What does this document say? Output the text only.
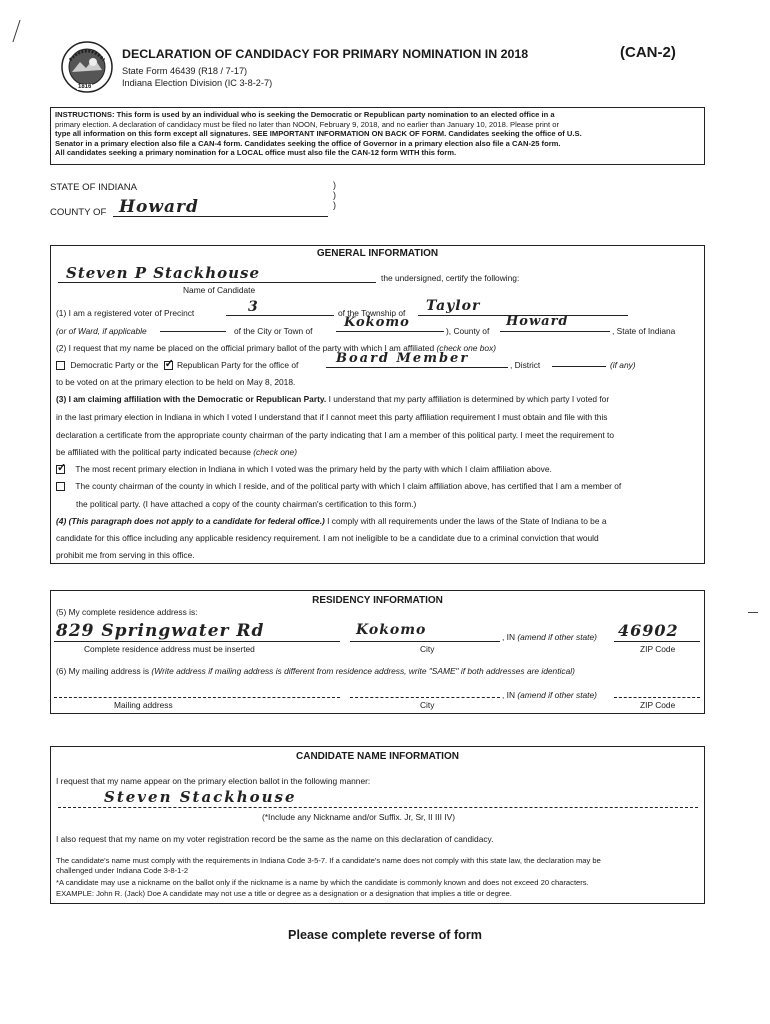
1816
DECLARATION OF CANDIDACY FOR PRIMARY NOMINATION IN 2018	(CAN-2)
State Form 46439 (R18 / 7-17)
Indiana Election Division (IC 3-8-2-7)
INSTRUCTIONS: This form is used by an individual who is seeking the Democratic or Republican party nomination to an elected office in a
primary election. A declaration of candidacy must be filed no later than NOON, February 9, 2018, and no earlier than January 10, 2018. Please print or
type all information on this form except all signatures. SEE IMPORTANT INFORMATION ON BACK OF FORM. Candidates seeking the office of U.S.
Senator in a primary election also file a CAN-4 form. Candidates seeking the office of Governor in a primary election also file a CAN-25 form.
All candidates seeking a primary nomination for a LOCAL office must also file the CAN-12 form WITH this form.
STATE OF INDIANA	)
)
)
COUNTY OF Howard
GENERAL INFORMATION
Steven P Stackhouse	the undersigned, certify the following:
Name of Candidate
(1) I am a registered voter of Precinct	3	of the Township of Taylor
(or of Ward, if applicable	of the City or Town of
Kokomo
), County of
Howard
, State of Indiana
(2) I request that my name be placed on the official primary ballot of the party with which I am affiliated (check one box)
Democratic Party or the ✓ Republican Party for the office of	Board Member	, District	(if any)
to be voted on at the primary election to be held on May 8, 2018.
(3) I am claiming affiliation with the Democratic or Republican Party. I understand that my party affiliation is determined by which party I voted for
in the last primary election in Indiana in which I voted I understand that if I cannot meet this party affiliation requirement I must obtain and file with this
declaration a certificate from the appropriate county chairman of the party indicating that I am a member of this political party. I meet the requirement to
be affiliated with the political party indicated because (check one)
✓ The most recent primary election in Indiana in which I voted was the primary held by the party with which I claim affiliation above.
The county chairman of the county in which I reside, and of the political party with which I claim affiliation above, has certified that I am a member of
the political party. (I have attached a copy of the county chairman's certification to this form.)
(4) (This paragraph does not apply to a candidate for federal office.) I comply with all requirements under the laws of the State of Indiana to be a
candidate for this office including any applicable residency requirement. I am not ineligible to be a candidate due to a criminal conviction that would
prohibit me from serving in this office.
RESIDENCY INFORMATION
(5) My complete residence address is:
829 Springwater Rd	Kokomo	, IN (amend if other state) 46902
Complete residence address must be inserted	City	ZIP Code
(6) My mailing address is (Write address if mailing address is different from residence address, write "SAME" if both addresses are identical)
, IN (amend if other state)
Mailing address	City	ZIP Code
CANDIDATE NAME INFORMATION
I request that my name appear on the primary election ballot in the following manner:
Steven Stackhouse
(*Include any Nickname and/or Suffix. Jr, Sr, II III IV)
I also request that my name on my voter registration record be the same as the name on this declaration of candidacy.
The candidate's name must comply with the requirements in Indiana Code 3-5-7. If a candidate's name does not comply with this state law, the declaration may be
challenged under Indiana Code 3-8-1-2
*A candidate may use a nickname on the ballot only if the nickname is a name by which the candidate is commonly known and does not exceed 20 characters.
EXAMPLE: John R. (Jack) Doe A candidate may not use a title or degree as a designation or a designation that implies a title or degree.
Please complete reverse of form
